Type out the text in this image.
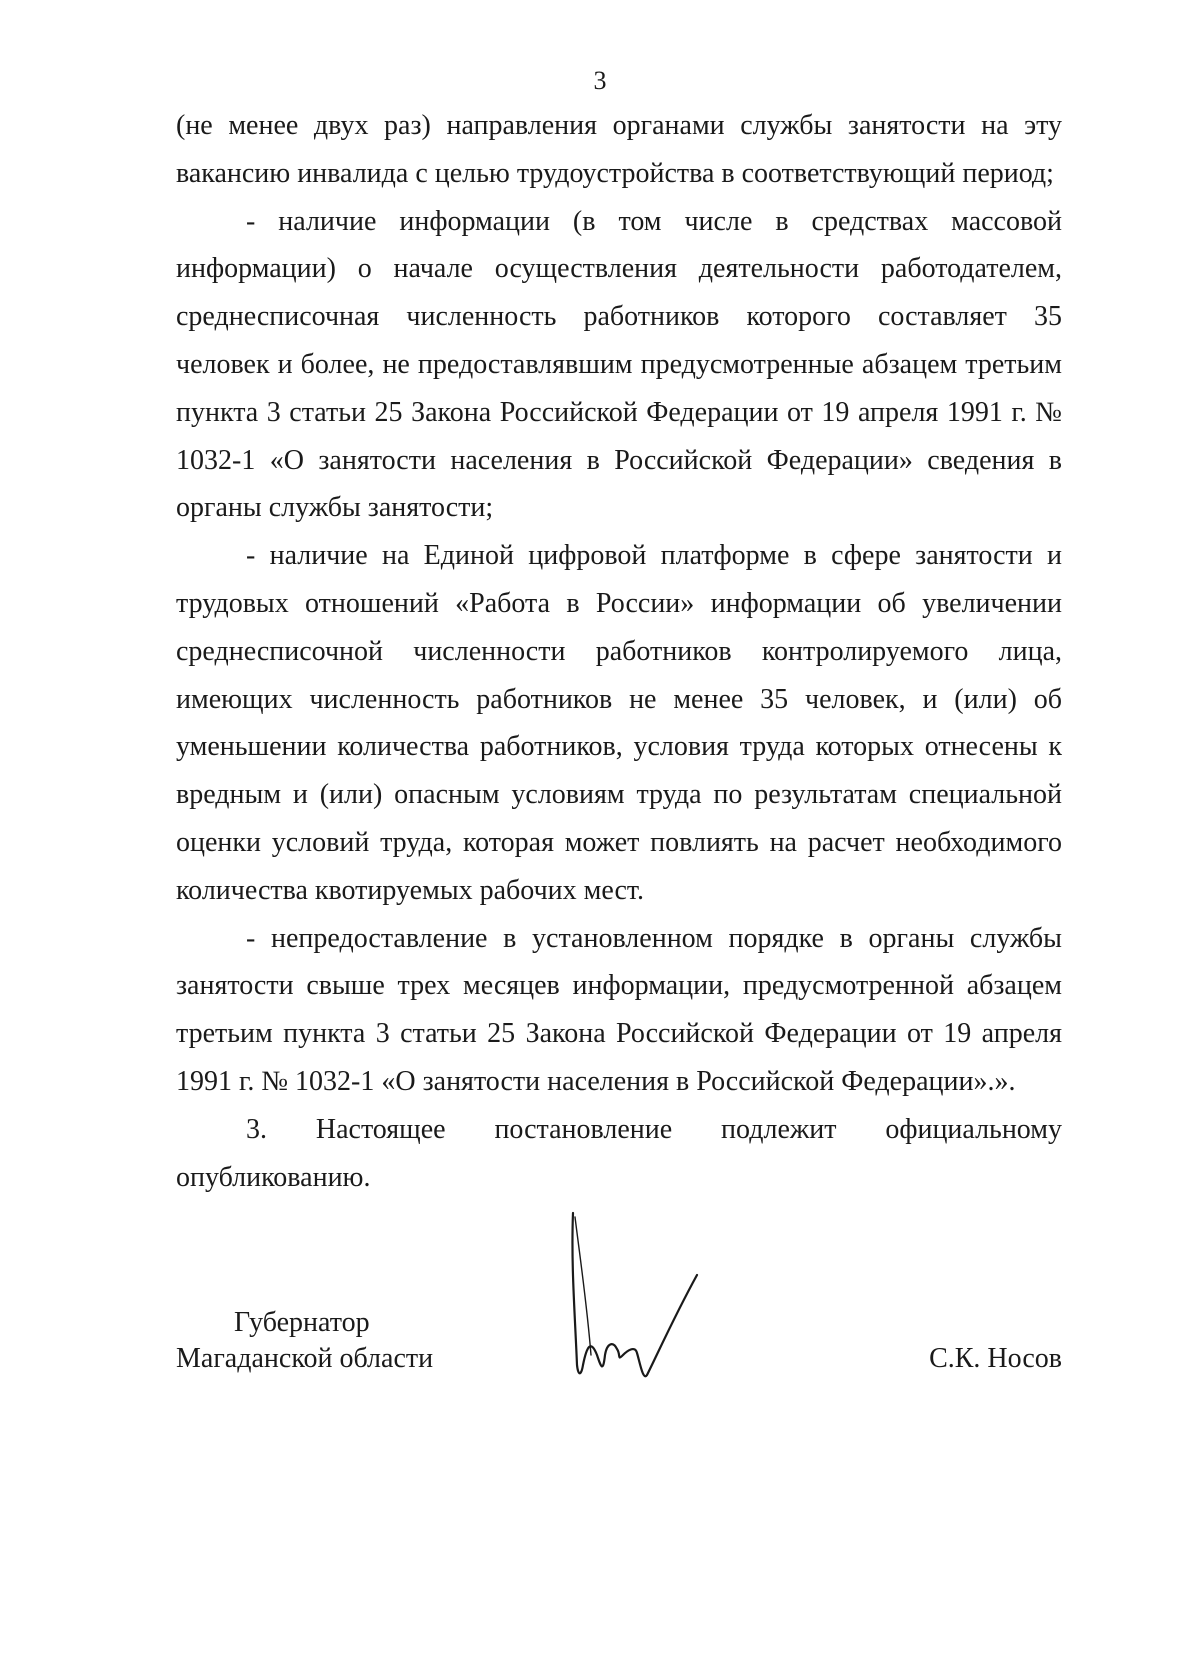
3

(не менее двух раз) направления органами службы занятости на эту вакансию инвалида с целью трудоустройства в соответствующий период;

- наличие информации (в том числе в средствах массовой информации) о начале осуществления деятельности работодателем, среднесписочная численность работников которого составляет 35 человек и более, не предоставлявшим предусмотренные абзацем третьим пункта 3 статьи 25 Закона Российской Федерации от 19 апреля 1991 г. № 1032-1 «О занятости населения в Российской Федерации» сведения в органы службы занятости;

- наличие на Единой цифровой платформе в сфере занятости и трудовых отношений «Работа в России» информации об увеличении среднесписочной численности работников контролируемого лица, имеющих численность работников не менее 35 человек, и (или) об уменьшении количества работников, условия труда которых отнесены к вредным и (или) опасным условиям труда по результатам специальной оценки условий труда, которая может повлиять на расчет необходимого количества квотируемых рабочих мест.

- непредоставление в установленном порядке в органы службы занятости свыше трех месяцев информации, предусмотренной абзацем третьим пункта 3 статьи 25 Закона Российской Федерации от 19 апреля 1991 г. № 1032-1 «О занятости населения в Российской Федерации».».

3. Настоящее постановление подлежит официальному опубликованию.

Губернатор
Магаданской области	С.К. Носов
